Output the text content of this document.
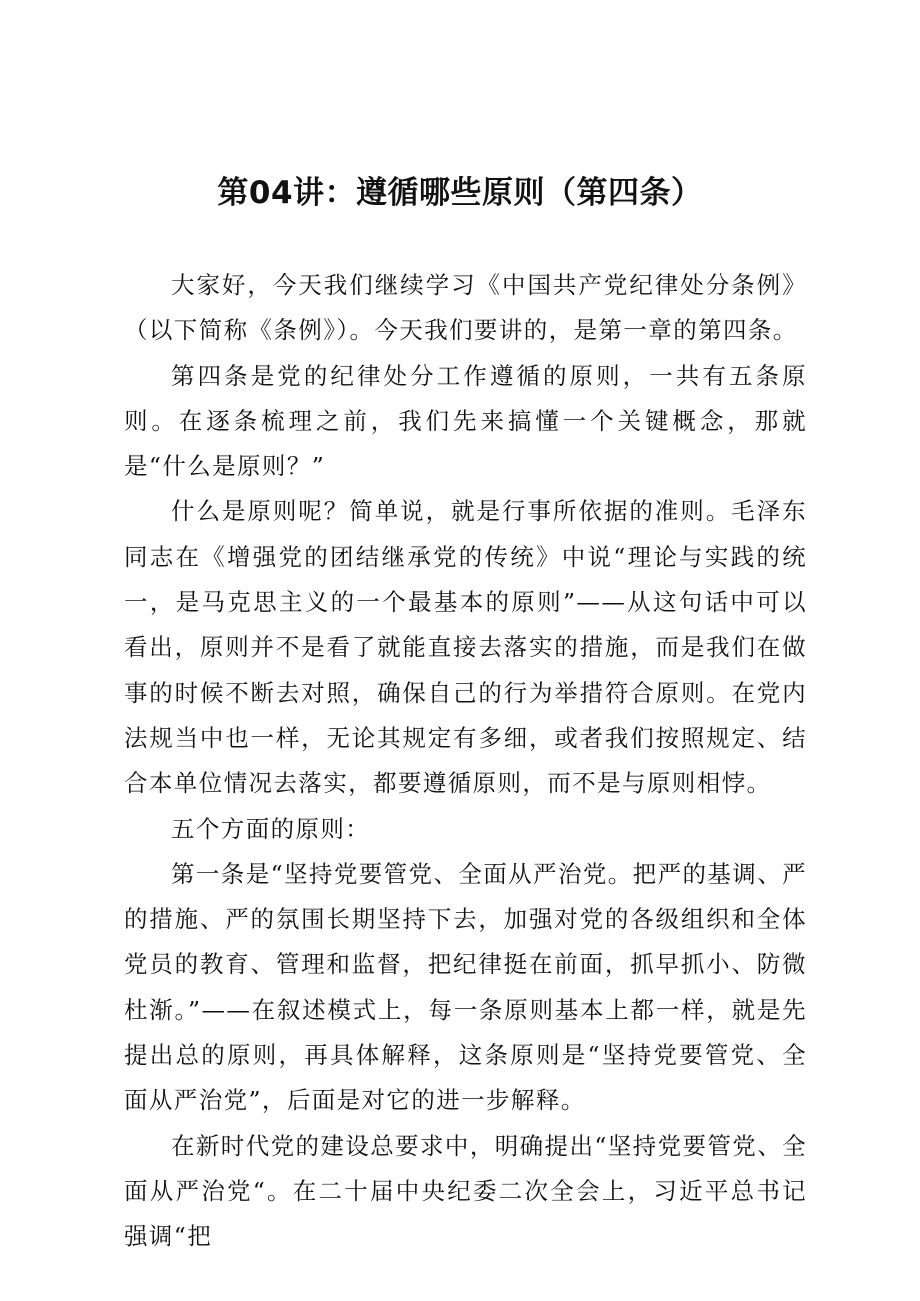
第04讲：遵循哪些原则（第四条）

大家好，今天我们继续学习《中国共产党纪律处分条例》（以下简称《条例》）。今天我们要讲的，是第一章的第四条。

第四条是党的纪律处分工作遵循的原则，一共有五条原则。在逐条梳理之前，我们先来搞懂一个关键概念，那就是“什么是原则？”

什么是原则呢？简单说，就是行事所依据的准则。毛泽东同志在《增强党的团结继承党的传统》中说“理论与实践的统一，是马克思主义的一个最基本的原则”——从这句话中可以看出，原则并不是看了就能直接去落实的措施，而是我们在做事的时候不断去对照，确保自己的行为举措符合原则。在党内法规当中也一样，无论其规定有多细，或者我们按照规定、结合本单位情况去落实，都要遵循原则，而不是与原则相悖。

五个方面的原则：

第一条是“坚持党要管党、全面从严治党。把严的基调、严的措施、严的氛围长期坚持下去，加强对党的各级组织和全体党员的教育、管理和监督，把纪律挺在前面，抓早抓小、防微杜渐。”——在叙述模式上，每一条原则基本上都一样，就是先提出总的原则，再具体解释，这条原则是“坚持党要管党、全面从严治党”，后面是对它的进一步解释。

在新时代党的建设总要求中，明确提出“坚持党要管党、全面从严治党“。在二十届中央纪委二次全会上，习近平总书记强调“把
